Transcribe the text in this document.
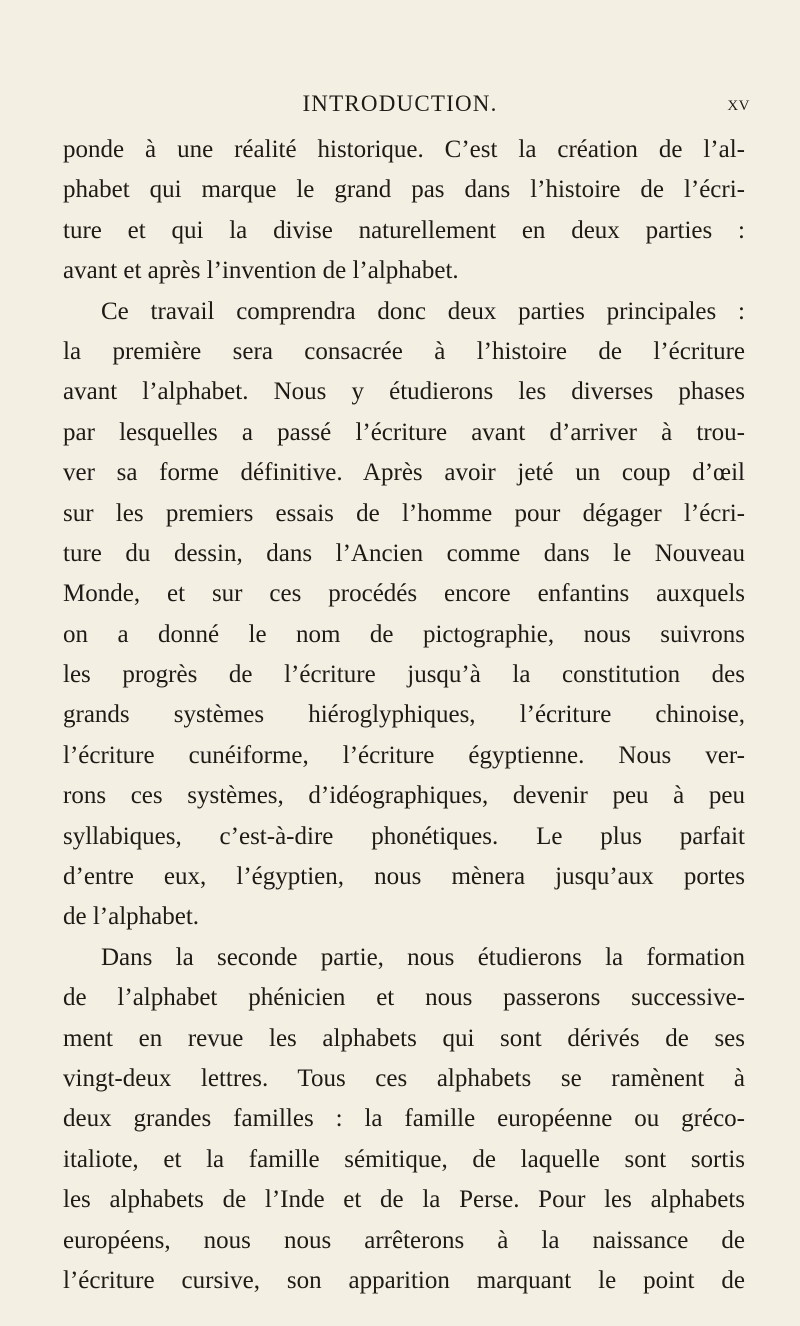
INTRODUCTION.	XV
ponde à une réalité historique. C’est la création de l’al-
phabet qui marque le grand pas dans l’histoire de l’écri-
ture et qui la divise naturellement en deux parties :
avant et après l’invention de l’alphabet.
Ce travail comprendra donc deux parties principales :
la première sera consacrée à l’histoire de l’écriture
avant l’alphabet. Nous y étudierons les diverses phases
par lesquelles a passé l’écriture avant d’arriver à trou-
ver sa forme définitive. Après avoir jeté un coup d’œil
sur les premiers essais de l’homme pour dégager l’écri-
ture du dessin, dans l’Ancien comme dans le Nouveau
Monde, et sur ces procédés encore enfantins auxquels
on a donné le nom de pictographie, nous suivrons
les progrès de l’écriture jusqu’à la constitution des
grands systèmes hiéroglyphiques, l’écriture chinoise,
l’écriture cunéiforme, l’écriture égyptienne. Nous ver-
rons ces systèmes, d’idéographiques, devenir peu à peu
syllabiques, c’est-à-dire phonétiques. Le plus parfait
d’entre eux, l’égyptien, nous mènera jusqu’aux portes
de l’alphabet.
Dans la seconde partie, nous étudierons la formation
de l’alphabet phénicien et nous passerons successive-
ment en revue les alphabets qui sont dérivés de ses
vingt-deux lettres. Tous ces alphabets se ramènent à
deux grandes familles : la famille européenne ou gréco-
italiote, et la famille sémitique, de laquelle sont sortis
les alphabets de l’Inde et de la Perse. Pour les alphabets
européens, nous nous arrêterons à la naissance de
l’écriture cursive, son apparition marquant le point de
